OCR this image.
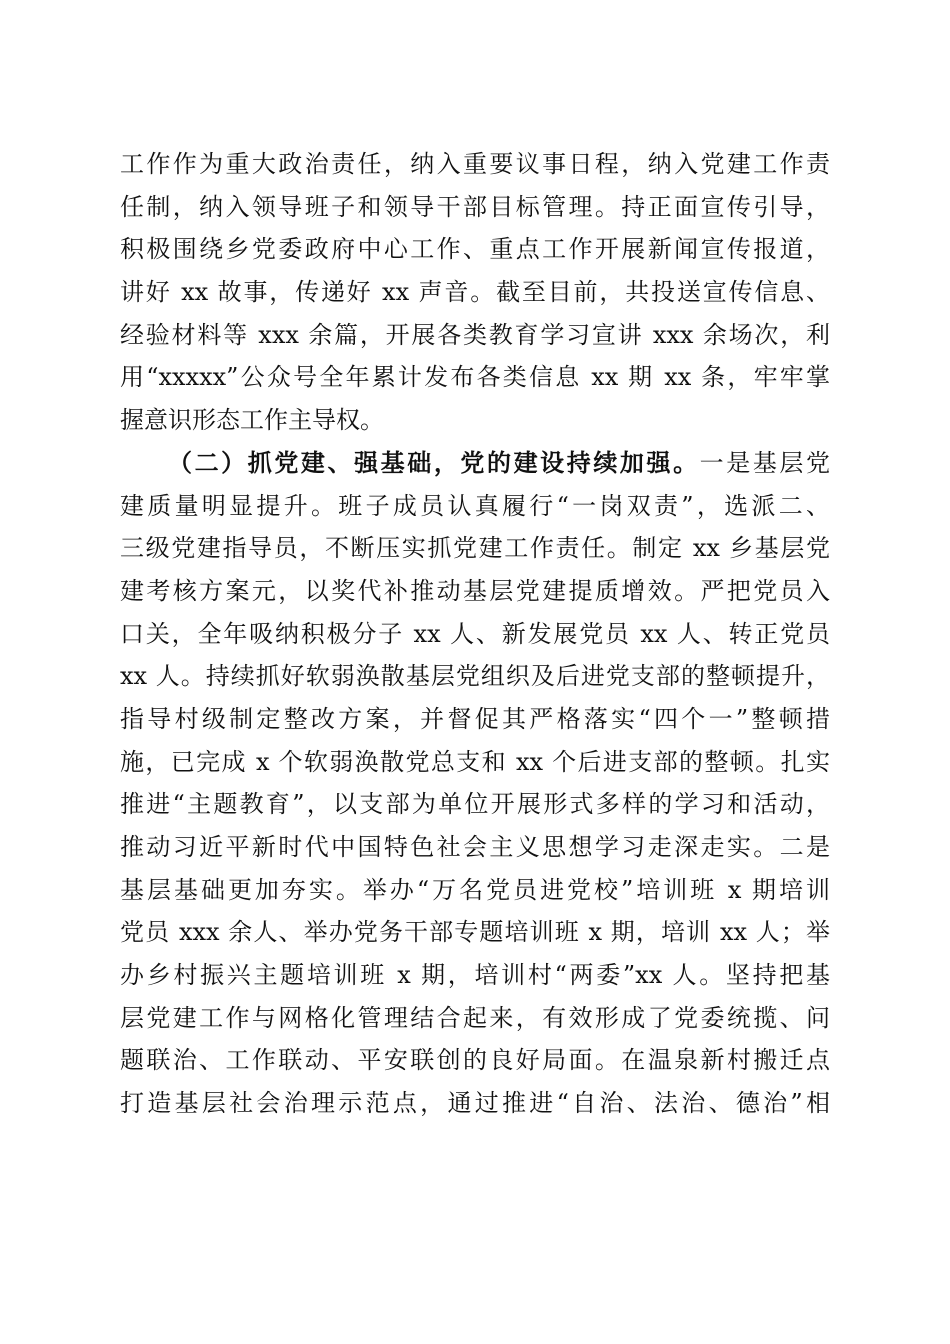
工作作为重大政治责任，纳入重要议事日程，纳入党建工作责
任制，纳入领导班子和领导干部目标管理。持正面宣传引导，
积极围绕乡党委政府中心工作、重点工作开展新闻宣传报道，
讲好 xx 故事，传递好 xx 声音。截至目前，共投送宣传信息、
经验材料等 xxx 余篇，开展各类教育学习宣讲 xxx 余场次，利
用“xxxxx”公众号全年累计发布各类信息 xx 期 xx 条，牢牢掌
握意识形态工作主导权。
（二）抓党建、强基础，党的建设持续加强。一是基层党
建质量明显提升。班子成员认真履行“一岗双责”，选派二、
三级党建指导员，不断压实抓党建工作责任。制定 xx 乡基层党
建考核方案元，以奖代补推动基层党建提质增效。严把党员入
口关，全年吸纳积极分子 xx 人、新发展党员 xx 人、转正党员
xx 人。持续抓好软弱涣散基层党组织及后进党支部的整顿提升，
指导村级制定整改方案，并督促其严格落实“四个一”整顿措
施，已完成 x 个软弱涣散党总支和 xx 个后进支部的整顿。扎实
推进“主题教育”，以支部为单位开展形式多样的学习和活动，
推动习近平新时代中国特色社会主义思想学习走深走实。二是
基层基础更加夯实。举办“万名党员进党校”培训班 x 期培训
党员 xxx 余人、举办党务干部专题培训班 x 期，培训 xx 人；举
办乡村振兴主题培训班 x 期，培训村“两委”xx 人。坚持把基
层党建工作与网格化管理结合起来，有效形成了党委统揽、问
题联治、工作联动、平安联创的良好局面。在温泉新村搬迁点
打造基层社会治理示范点，通过推进“自治、法治、德治”相
